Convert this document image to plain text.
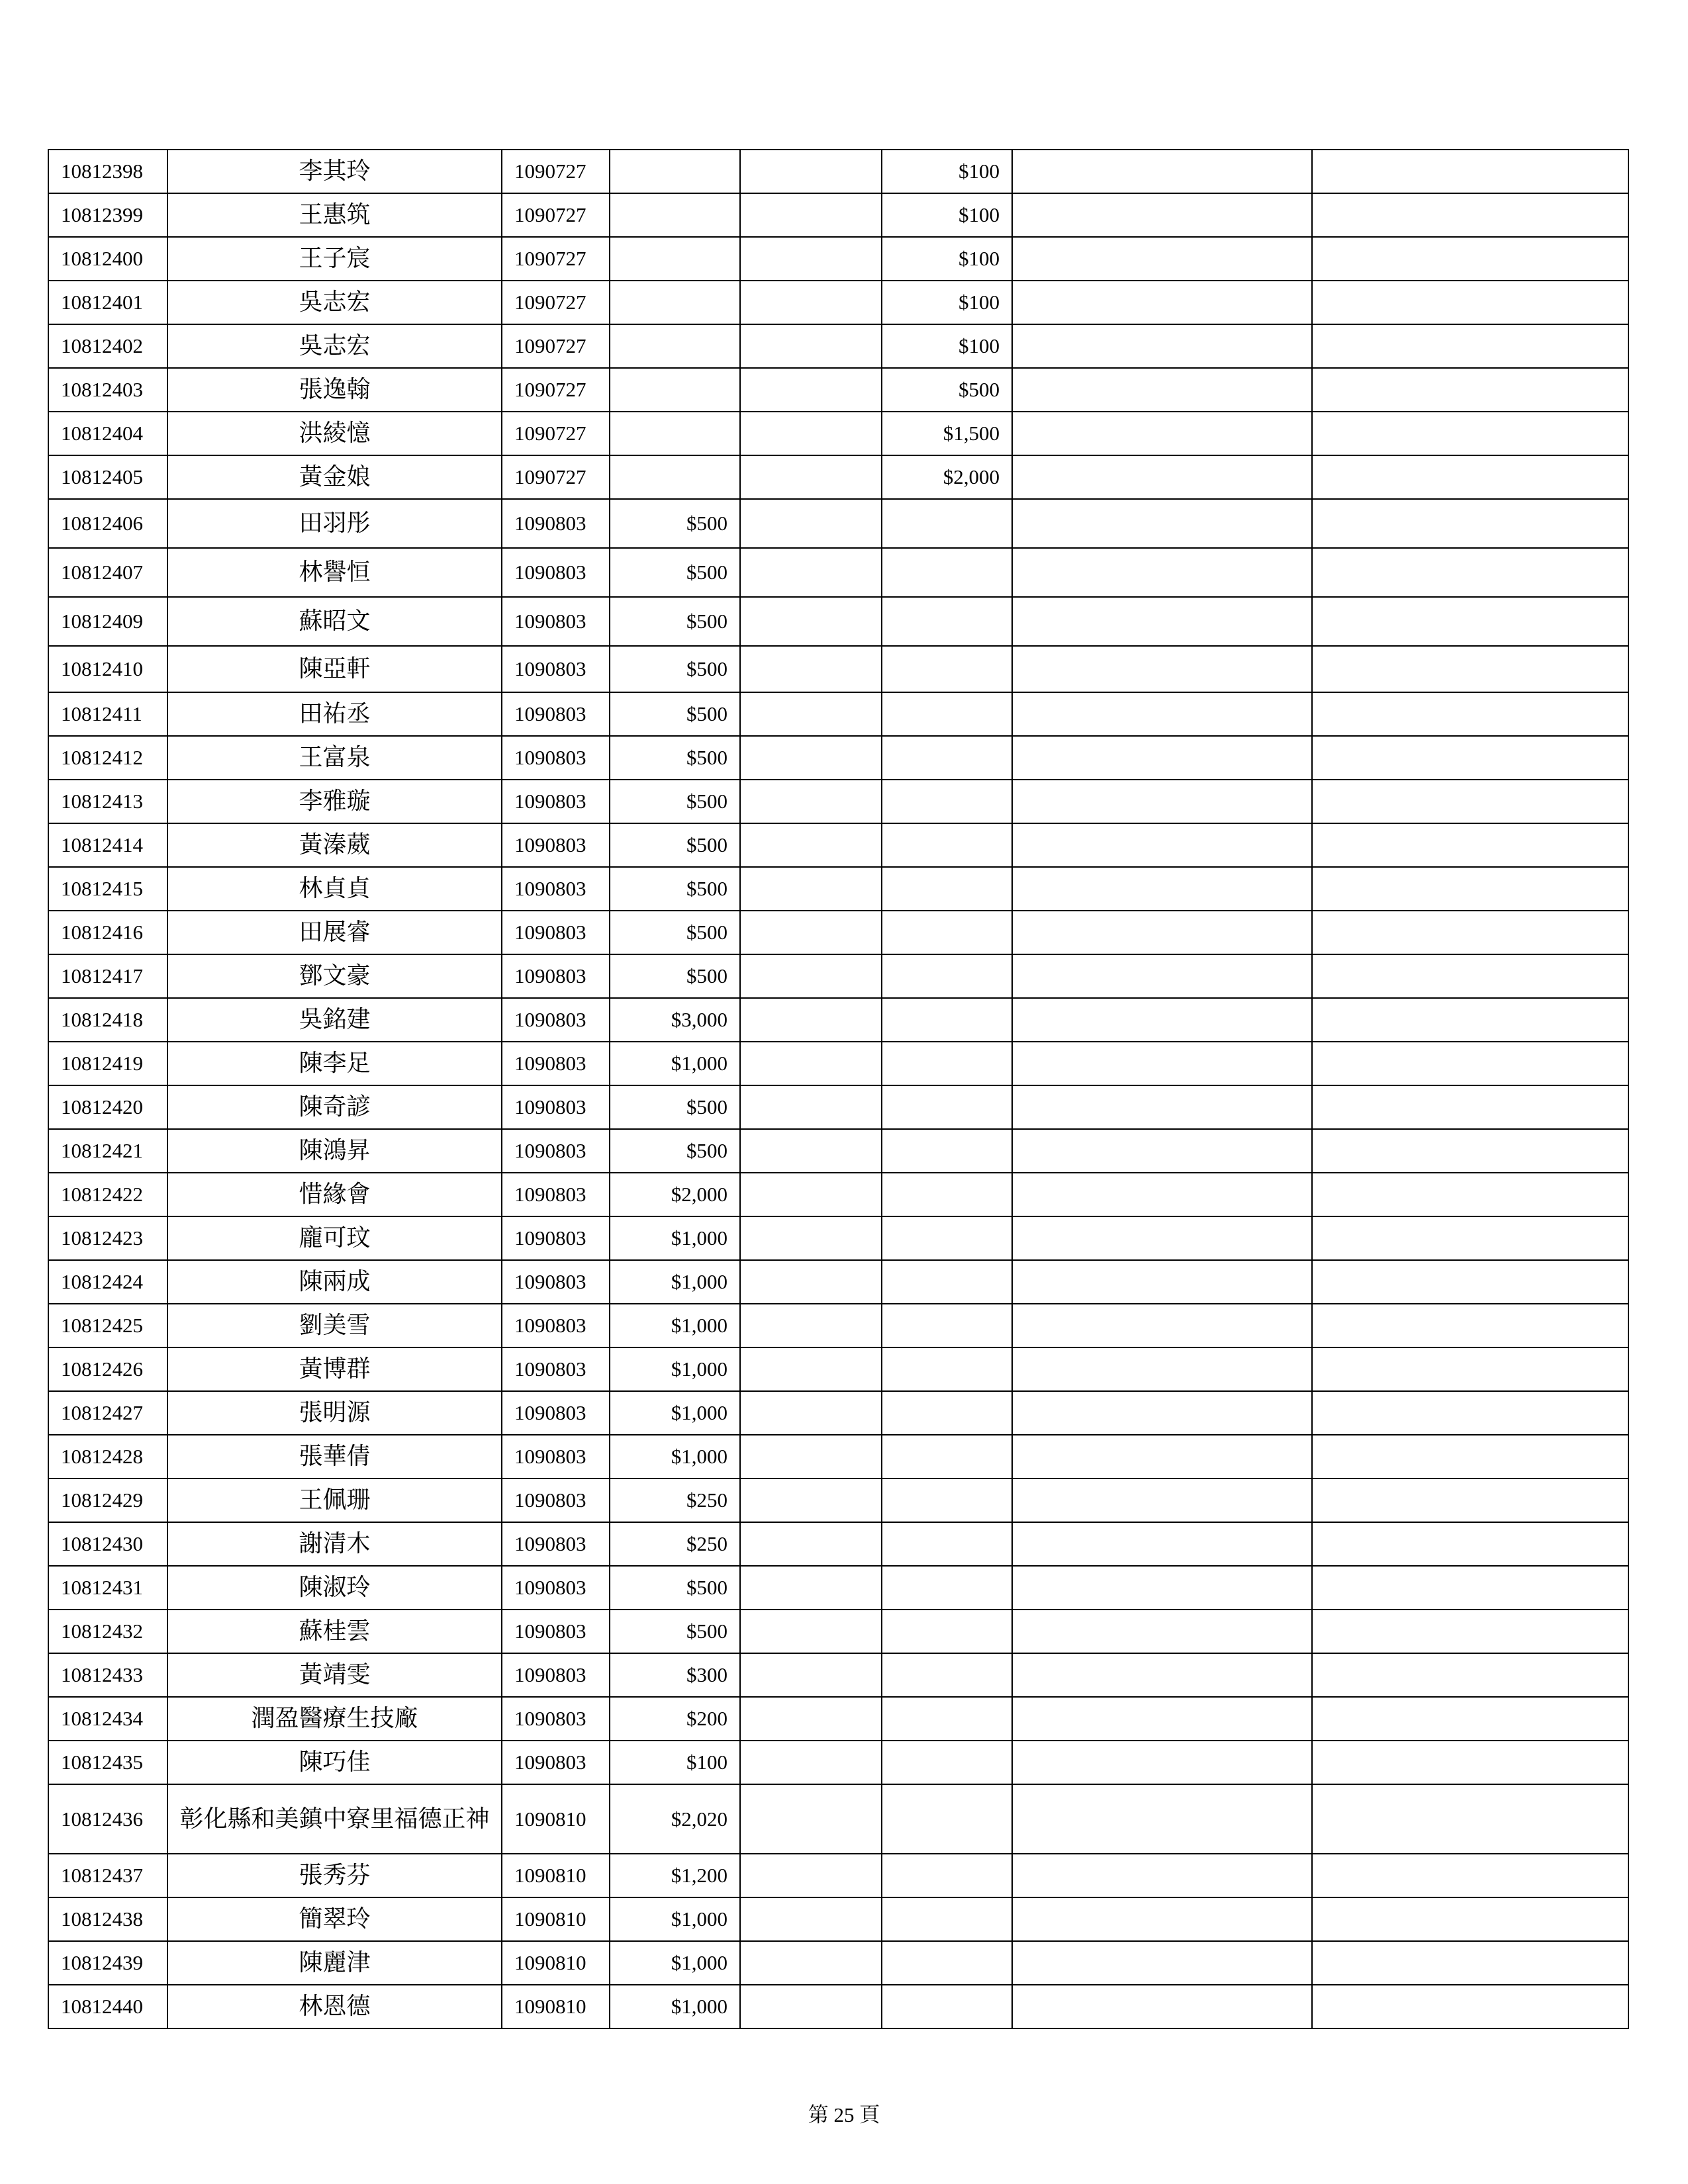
10812398	李其玲	1090727			$100		
10812399	王惠筑	1090727			$100		
10812400	王子宸	1090727			$100		
10812401	吳志宏	1090727			$100		
10812402	吳志宏	1090727			$100		
10812403	張逸翰	1090727			$500		
10812404	洪綾憶	1090727			$1,500		
10812405	黃金娘	1090727			$2,000		
10812406	田羽彤	1090803	$500				
10812407	林譽恒	1090803	$500				
10812409	蘇昭文	1090803	$500				
10812410	陳亞軒	1090803	$500				
10812411	田祐丞	1090803	$500				
10812412	王富泉	1090803	$500				
10812413	李雅璇	1090803	$500				
10812414	黃溱葳	1090803	$500				
10812415	林貞貞	1090803	$500				
10812416	田展睿	1090803	$500				
10812417	鄧文豪	1090803	$500				
10812418	吳銘建	1090803	$3,000				
10812419	陳李足	1090803	$1,000				
10812420	陳奇諺	1090803	$500				
10812421	陳鴻昇	1090803	$500				
10812422	惜緣會	1090803	$2,000				
10812423	龐可玟	1090803	$1,000				
10812424	陳兩成	1090803	$1,000				
10812425	劉美雪	1090803	$1,000				
10812426	黃博群	1090803	$1,000				
10812427	張明源	1090803	$1,000				
10812428	張華倩	1090803	$1,000				
10812429	王佩珊	1090803	$250				
10812430	謝清木	1090803	$250				
10812431	陳淑玲	1090803	$500				
10812432	蘇桂雲	1090803	$500				
10812433	黃靖雯	1090803	$300				
10812434	潤盈醫療生技廠	1090803	$200				
10812435	陳巧佳	1090803	$100				
10812436	彰化縣和美鎮中寮里福德正神	1090810	$2,020				
10812437	張秀芬	1090810	$1,200				
10812438	簡翠玲	1090810	$1,000				
10812439	陳麗津	1090810	$1,000				
10812440	林恩德	1090810	$1,000				
第 25 頁
